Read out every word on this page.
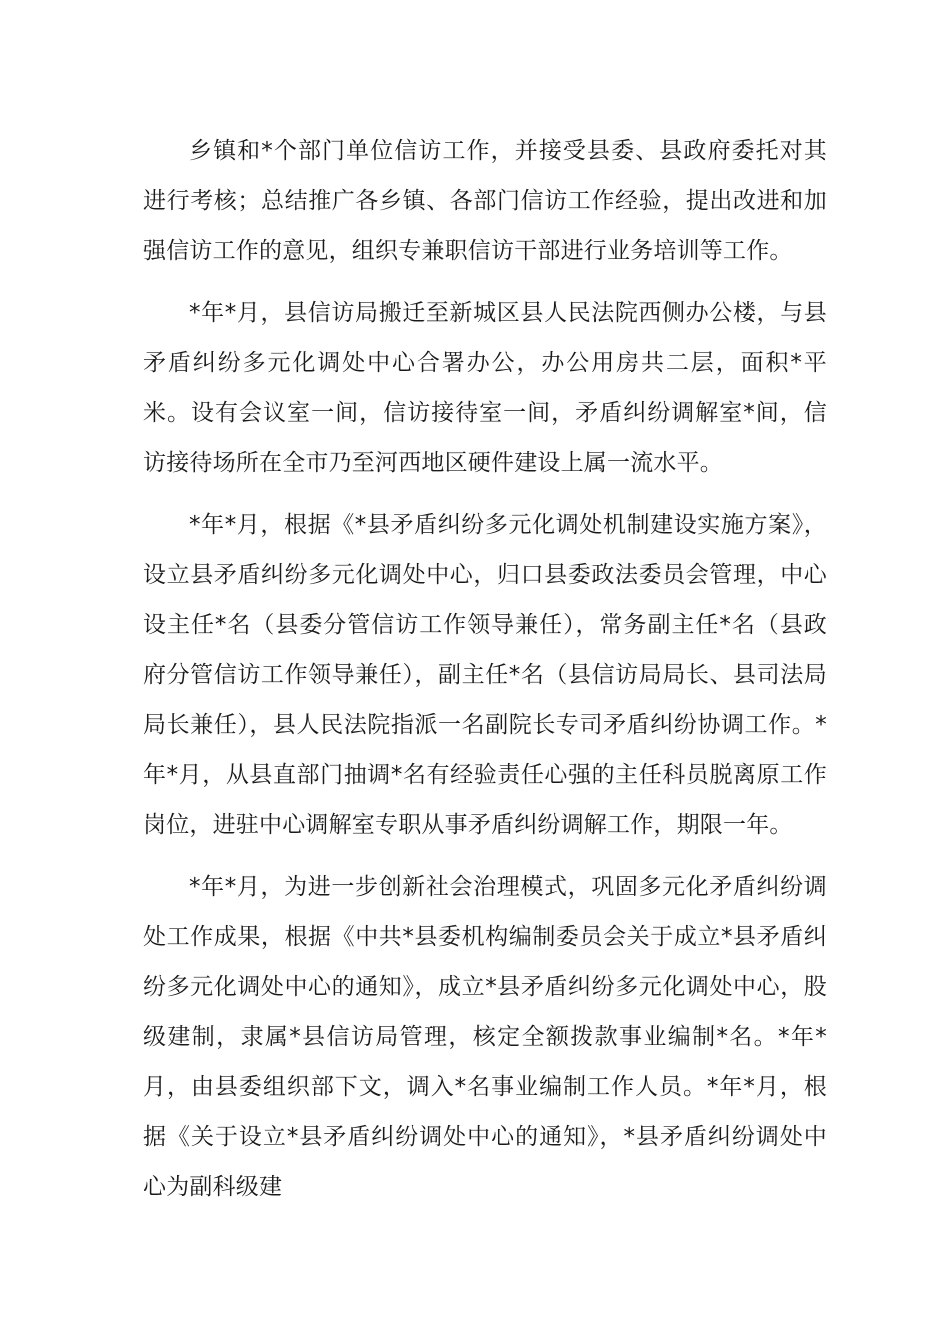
乡镇和*个部门单位信访工作，并接受县委、县政府委托对其进行考核；总结推广各乡镇、各部门信访工作经验，提出改进和加强信访工作的意见，组织专兼职信访干部进行业务培训等工作。

*年*月，县信访局搬迁至新城区县人民法院西侧办公楼，与县矛盾纠纷多元化调处中心合署办公，办公用房共二层，面积*平米。设有会议室一间，信访接待室一间，矛盾纠纷调解室*间，信访接待场所在全市乃至河西地区硬件建设上属一流水平。

*年*月，根据《*县矛盾纠纷多元化调处机制建设实施方案》，设立县矛盾纠纷多元化调处中心，归口县委政法委员会管理，中心设主任*名（县委分管信访工作领导兼任），常务副主任*名（县政府分管信访工作领导兼任），副主任*名（县信访局局长、县司法局局长兼任），县人民法院指派一名副院长专司矛盾纠纷协调工作。*年*月，从县直部门抽调*名有经验责任心强的主任科员脱离原工作岗位，进驻中心调解室专职从事矛盾纠纷调解工作，期限一年。

*年*月，为进一步创新社会治理模式，巩固多元化矛盾纠纷调处工作成果，根据《中共*县委机构编制委员会关于成立*县矛盾纠纷多元化调处中心的通知》，成立*县矛盾纠纷多元化调处中心，股级建制，隶属*县信访局管理，核定全额拨款事业编制*名。*年*月，由县委组织部下文，调入*名事业编制工作人员。*年*月，根据《关于设立*县矛盾纠纷调处中心的通知》，*县矛盾纠纷调处中心为副科级建
